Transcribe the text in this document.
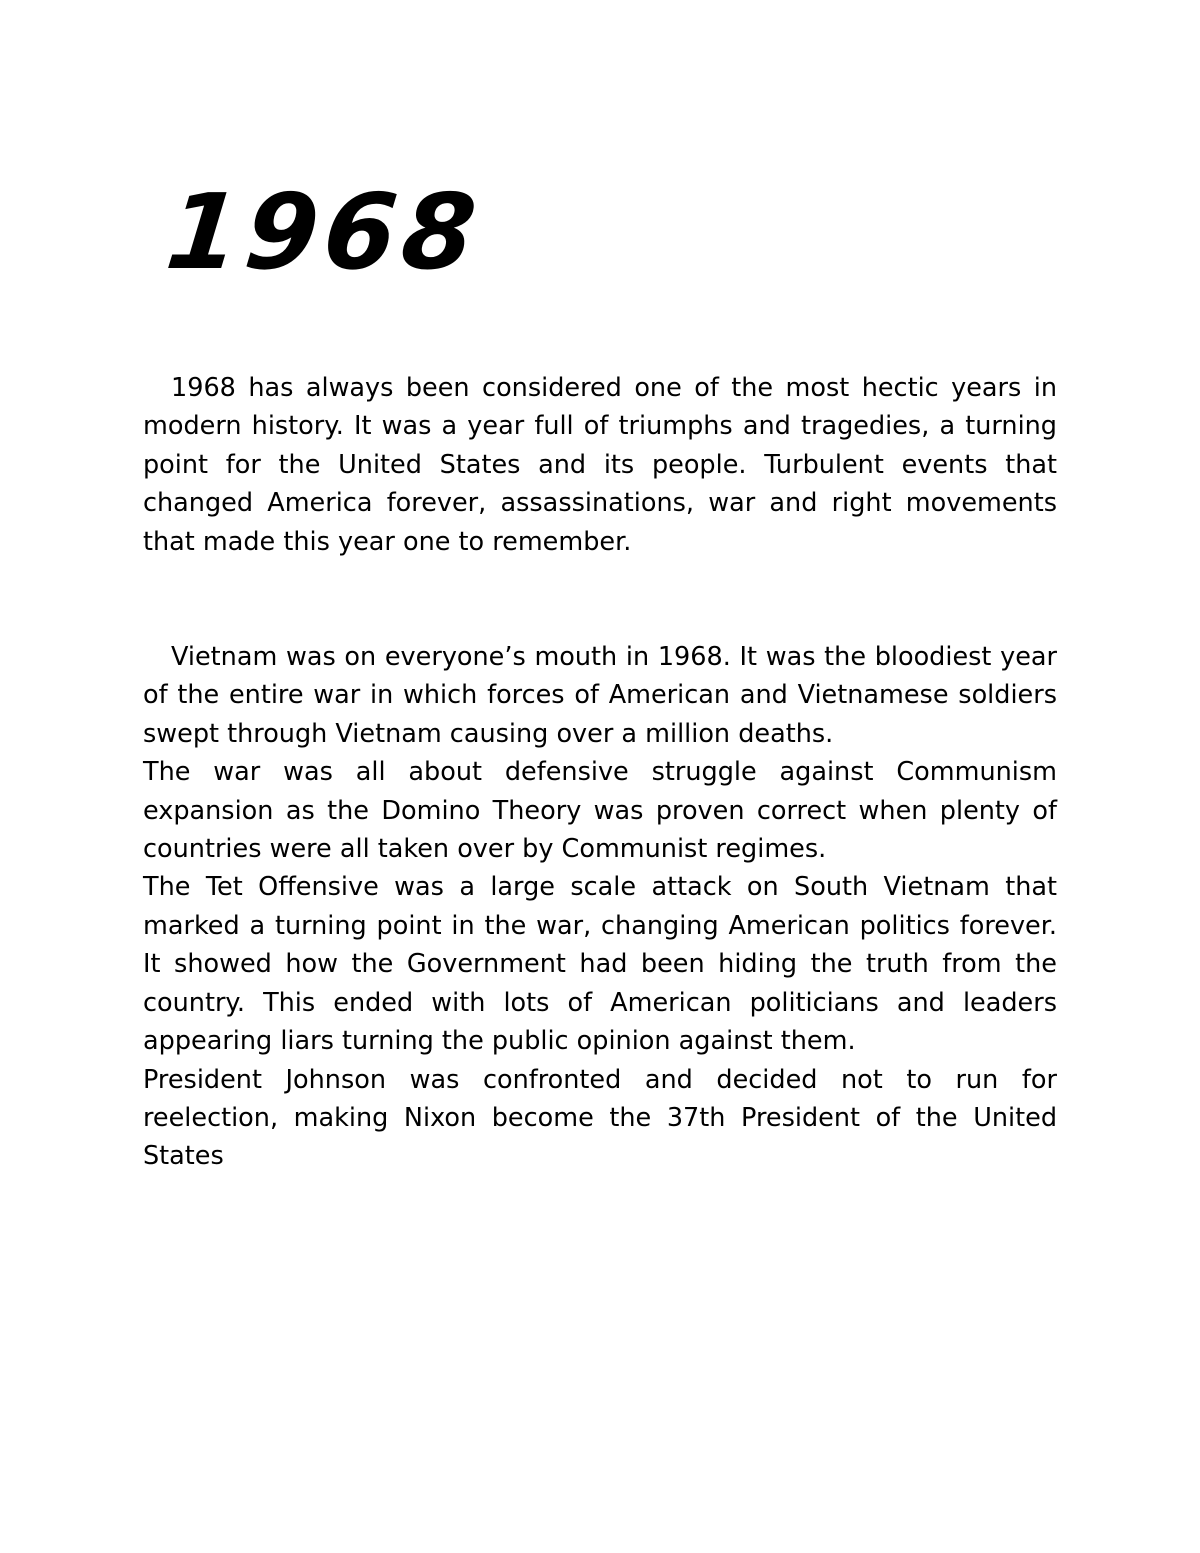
1968

1968 has always been considered one of the most hectic years in modern history. It was a year full of triumphs and tragedies, a turning point for the United States and its people. Turbulent events that changed America forever, assassinations, war and right movements that made this year one to remember.

Vietnam was on everyone’s mouth in 1968. It was the bloodiest year of the entire war in which forces of American and Vietnamese soldiers swept through Vietnam causing over a million deaths.

The war was all about defensive struggle against Communism expansion as the Domino Theory was proven correct when plenty of countries were all taken over by Communist regimes.

The Tet Offensive was a large scale attack on South Vietnam that marked a turning point in the war, changing American politics forever. It showed how the Government had been hiding the truth from the country. This ended with lots of American politicians and leaders appearing liars turning the public opinion against them.

President Johnson was confronted and decided not to run for reelection, making Nixon become the 37th President of the United States
